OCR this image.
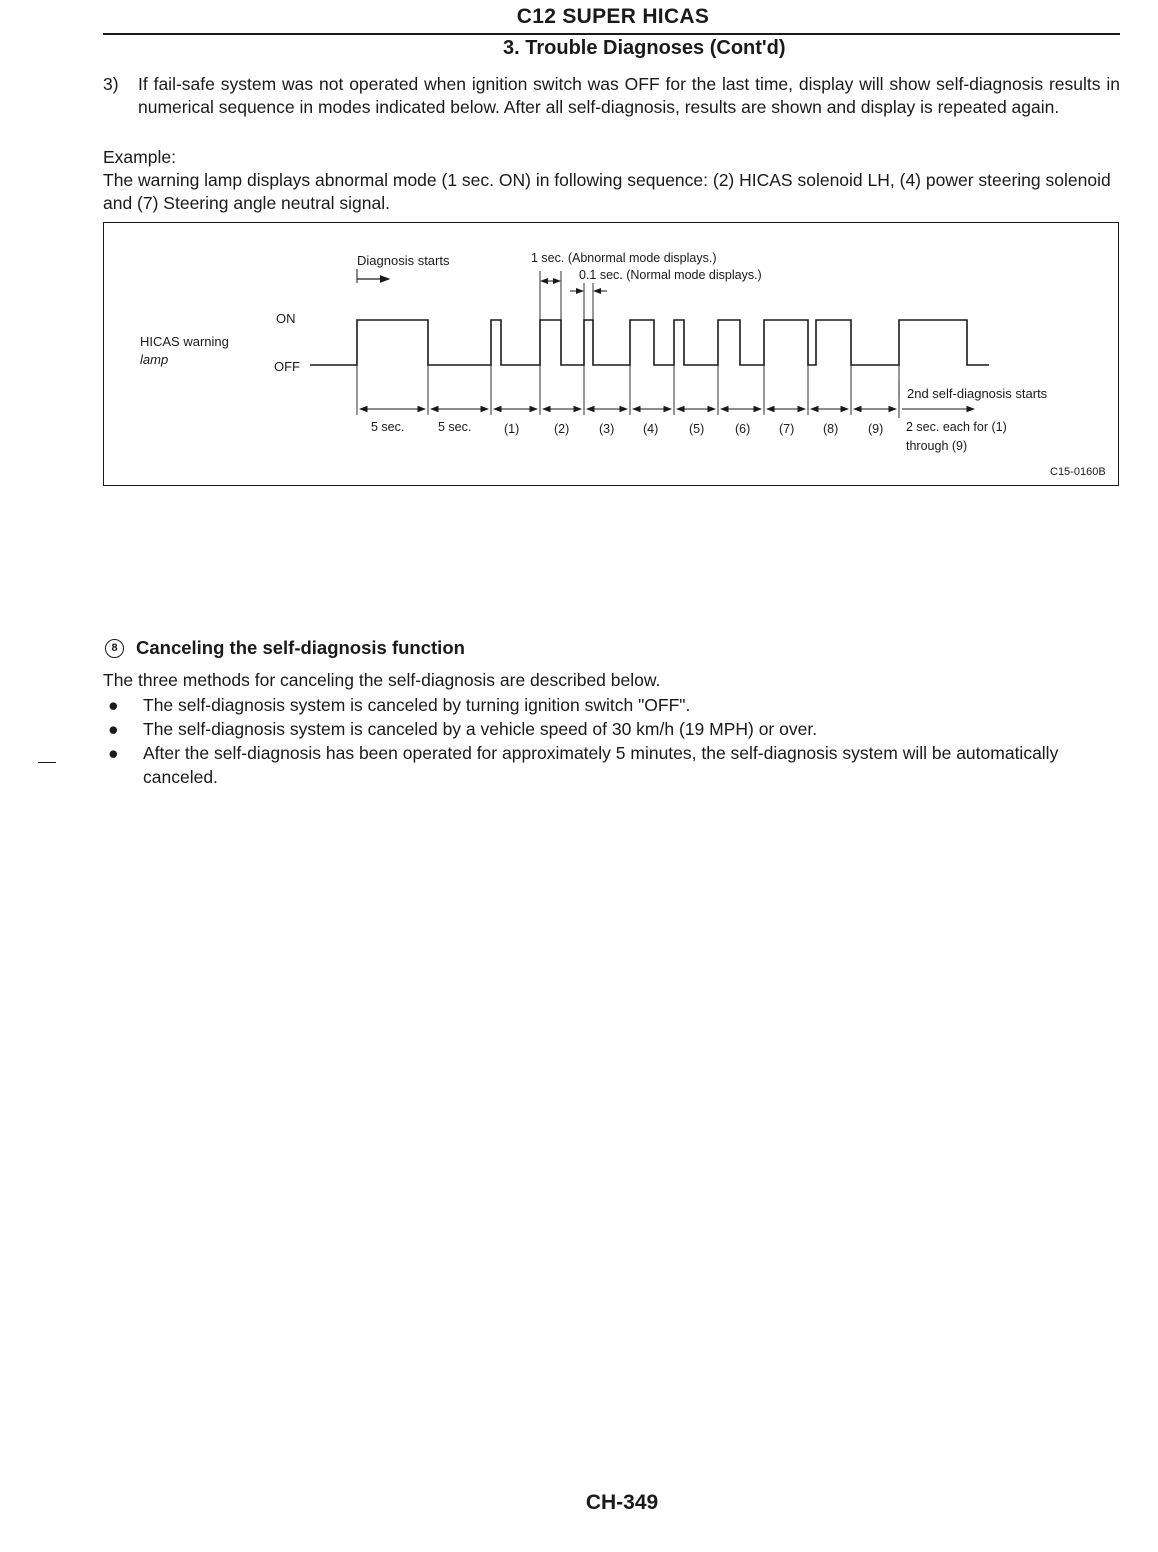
C12 SUPER HICAS
3. Trouble Diagnoses (Cont'd)
3) If fail-safe system was not operated when ignition switch was OFF for the last time, display will show self-diagnosis results in numerical sequence in modes indicated below. After all self-diagnosis, results are shown and display is repeated again.
Example:
The warning lamp displays abnormal mode (1 sec. ON) in following sequence: (2) HICAS solenoid LH, (4) power steering solenoid and (7) Steering angle neutral signal.
HICAS warning
lamp
ON
OFF
5 sec.	5 sec.	(1)	(2) (3) (4) (5) (6) (7) (8) (9)
Diagnosis starts	1 sec. (Abnormal mode displays.)
0.1 sec. (Normal mode displays.)
2nd self-diagnosis starts
2 sec. each for (1)
through (9)
C15-0160B
8 Canceling the self-diagnosis function
The three methods for canceling the self-diagnosis are described below.
● The self-diagnosis system is canceled by turning ignition switch "OFF".
● The self-diagnosis system is canceled by a vehicle speed of 30 km/h (19 MPH) or over.
● After the self-diagnosis has been operated for approximately 5 minutes, the self-diagnosis system will be automatically canceled.
CH-349
